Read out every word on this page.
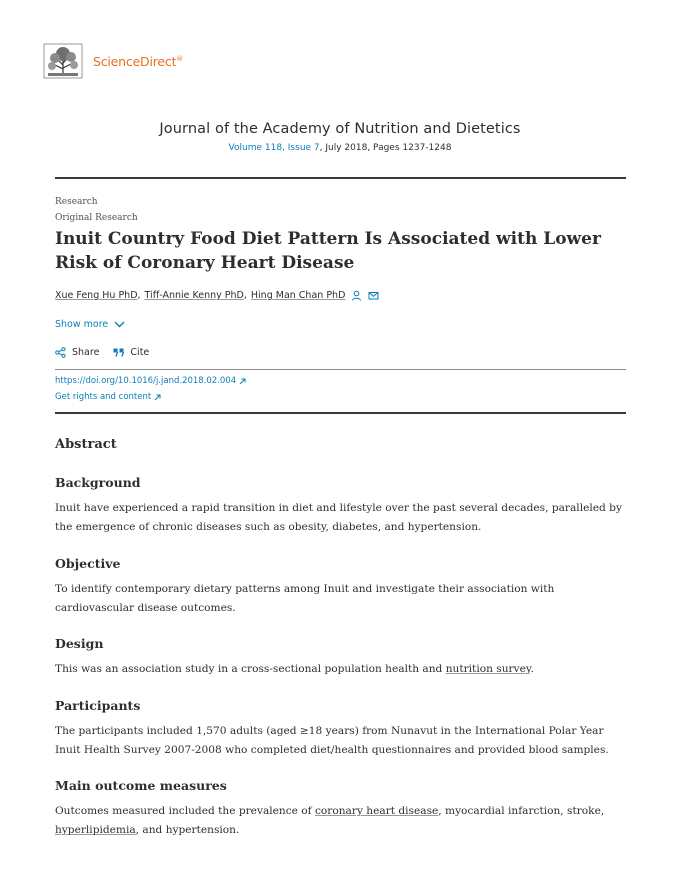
ScienceDirect®
Journal of the Academy of Nutrition and Dietetics
Volume 118, Issue 7, July 2018, Pages 1237-1248
Research
Original Research
Inuit Country Food Diet Pattern Is Associated with Lower Risk of Coronary Heart Disease
Xue Feng Hu PhD , Tiff-Annie Kenny PhD , Hing Man Chan PhD
Show more
Share	Cite
https://doi.org/10.1016/j.jand.2018.02.004
Get rights and content
Abstract
Background

Inuit have experienced a rapid transition in diet and lifestyle over the past several decades, paralleled by the emergence of chronic diseases such as obesity, diabetes, and hypertension.

Objective

To identify contemporary dietary patterns among Inuit and investigate their association with cardiovascular disease outcomes.

Design

This was an association study in a cross-sectional population health and nutrition survey.

Participants

The participants included 1,570 adults (aged ≥18 years) from Nunavut in the International Polar Year Inuit Health Survey 2007-2008 who completed diet/health questionnaires and provided blood samples.

Main outcome measures

Outcomes measured included the prevalence of coronary heart disease, myocardial infarction, stroke, hyperlipidemia, and hypertension.
